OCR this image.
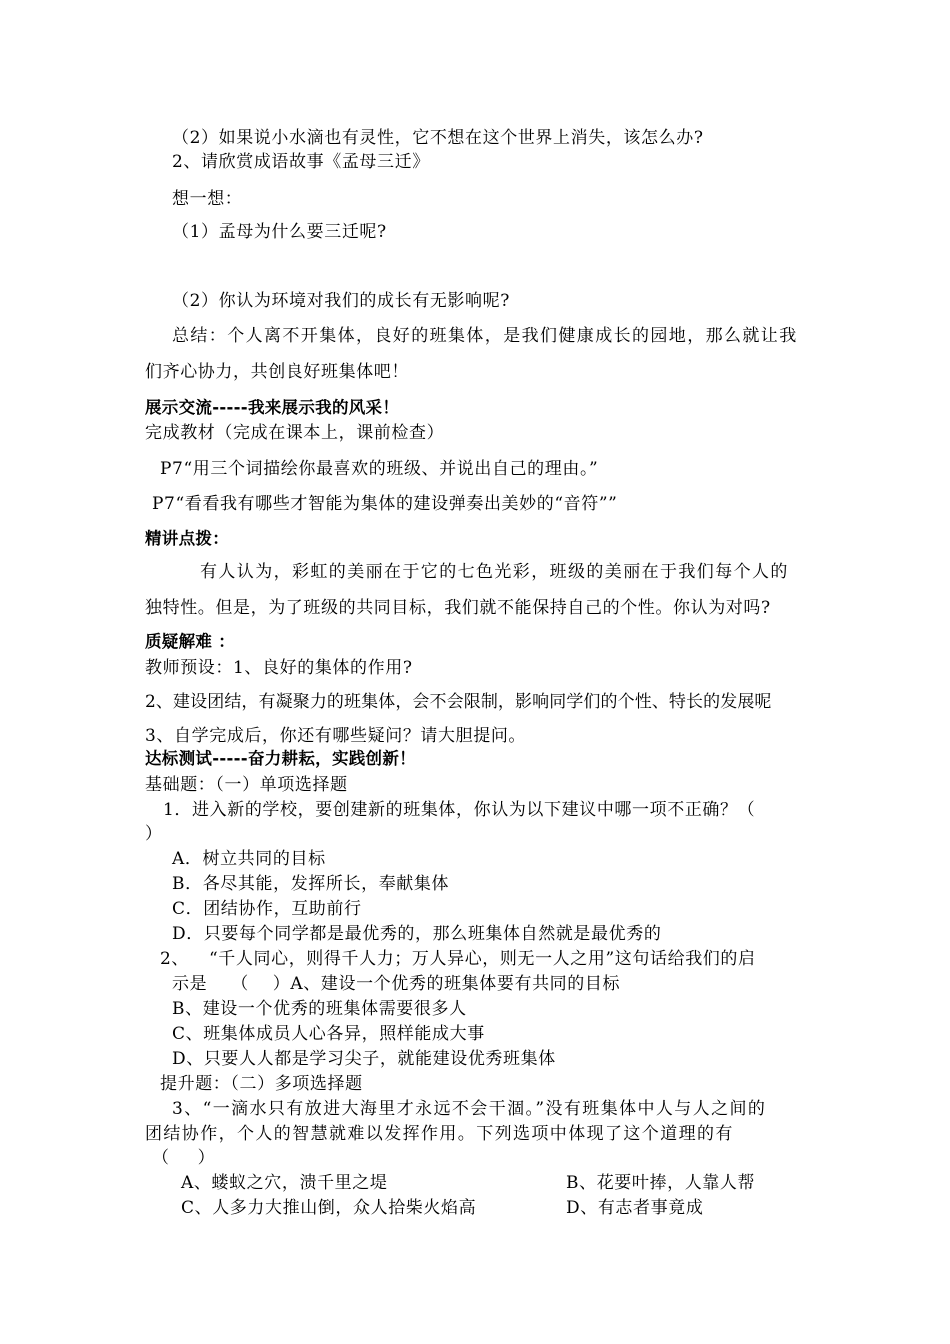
（2）如果说小水滴也有灵性，它不想在这个世界上消失，该怎么办?
2、请欣赏成语故事《孟母三迁》
想一想：
（1）孟母为什么要三迁呢?
（2）你认为环境对我们的成长有无影响呢?
总结：个人离不开集体，良好的班集体，是我们健康成长的园地，那么就让我
们齐心协力，共创良好班集体吧！
展示交流-----我来展示我的风采！
完成教材（完成在课本上，课前检查）
P7“用三个词描绘你最喜欢的班级、并说出自己的理由。”
P7“看看我有哪些才智能为集体的建设弹奏出美妙的“音符””
精讲点拨：
有人认为，彩虹的美丽在于它的七色光彩，班级的美丽在于我们每个人的
独特性。但是，为了班级的共同目标，我们就不能保持自己的个性。你认为对吗?
质疑解难 ：
教师预设：1、良好的集体的作用?
2、建设团结，有凝聚力的班集体，会不会限制，影响同学们的个性、特长的发展呢
3、自学完成后，你还有哪些疑问？请大胆提问。
达标测试-----奋力耕耘，实践创新！
基础题：（一）单项选择题
1．进入新的学校，要创建新的班集体，你认为以下建议中哪一项不正确？（
）
A．树立共同的目标
B．各尽其能，发挥所长，奉献集体
C．团结协作，互助前行
D．只要每个同学都是最优秀的，那么班集体自然就是最优秀的
2、 “千人同心，则得千人力；万人异心，则无一人之用”这句话给我们的启
示是 （ ）A、建设一个优秀的班集体要有共同的目标
B、建设一个优秀的班集体需要很多人
C、班集体成员人心各异，照样能成大事
D、只要人人都是学习尖子，就能建设优秀班集体
提升题：（二）多项选择题
3、“一滴水只有放进大海里才永远不会干涸。”没有班集体中人与人之间的
团结协作，个人的智慧就难以发挥作用。下列选项中体现了这个道理的有
（ ）
A、蝼蚁之穴，溃千里之堤	B、花要叶捧，人靠人帮
C、人多力大推山倒，众人拾柴火焰高	D、有志者事竟成
